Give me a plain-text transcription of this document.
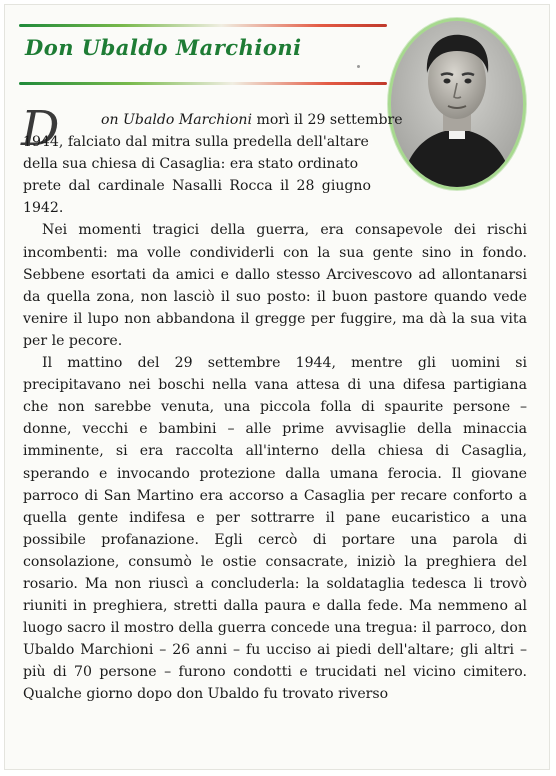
Don Ubaldo Marchioni
D	on Ubaldo Marchioni morì il 29 settembre
1944, falciato dal mitra sulla predella dell'altare
della sua chiesa di Casaglia: era stato ordinato
prete dal cardinale Nasalli Rocca il 28 giugno 1942.

Nei momenti tragici della guerra, era consapevole dei rischi incombenti: ma volle condividerli con la sua gente sino in fondo. Sebbene esortati da amici e dallo stesso Arcivescovo ad allontanarsi da quella zona, non lasciò il suo posto: il buon pastore quando vede venire il lupo non abbandona il gregge per fuggire, ma dà la sua vita per le pecore.

Il mattino del 29 settembre 1944, mentre gli uomini si precipitavano nei boschi nella vana attesa di una difesa partigiana che non sarebbe venuta, una piccola folla di spaurite persone – donne, vecchi e bambini – alle prime avvisaglie della minaccia imminente, si era raccolta all'interno della chiesa di Casaglia, sperando e invocando protezione dalla umana ferocia. Il giovane parroco di San Martino era accorso a Casaglia per recare conforto a quella gente indifesa e per sottrarre il pane eucaristico a una possibile profanazione. Egli cercò di portare una parola di consolazione, consumò le ostie consacrate, iniziò la preghiera del rosario. Ma non riuscì a concluderla: la soldataglia tedesca li trovò riuniti in preghiera, stretti dalla paura e dalla fede. Ma nemmeno al luogo sacro il mostro della guerra concede una tregua: il parroco, don Ubaldo Marchioni – 26 anni – fu ucciso ai piedi dell'altare; gli altri – più di 70 persone – furono condotti e trucidati nel vicino cimitero. Qualche giorno dopo don Ubaldo fu trovato riverso
